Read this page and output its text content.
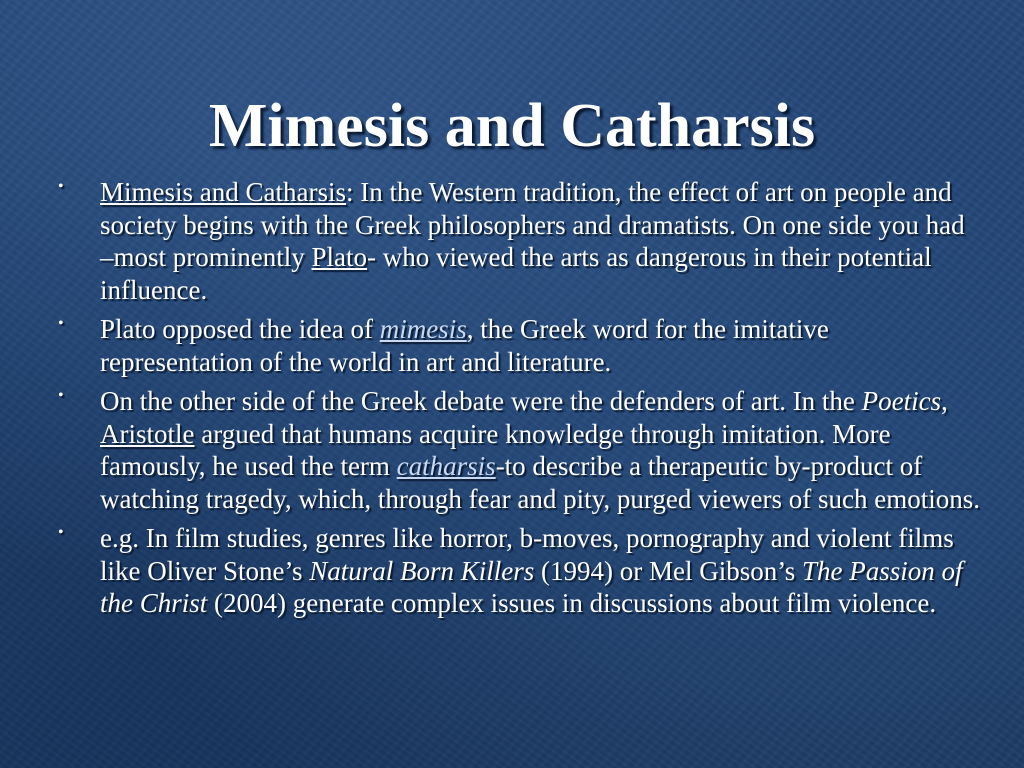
Mimesis and Catharsis
• Mimesis and Catharsis: In the Western tradition, the effect of art on people and society begins with the Greek philosophers and dramatists. On one side you had –most prominently Plato- who viewed the arts as dangerous in their potential influence.
• Plato opposed the idea of mimesis, the Greek word for the imitative representation of the world in art and literature.
• On the other side of the Greek debate were the defenders of art. In the Poetics, Aristotle argued that humans acquire knowledge through imitation. More famously, he used the term catharsis-to describe a therapeutic by-product of watching tragedy, which, through fear and pity, purged viewers of such emotions.
• e.g. In film studies, genres like horror, b-moves, pornography and violent films like Oliver Stone’s Natural Born Killers (1994) or Mel Gibson’s The Passion of the Christ (2004) generate complex issues in discussions about film violence.
